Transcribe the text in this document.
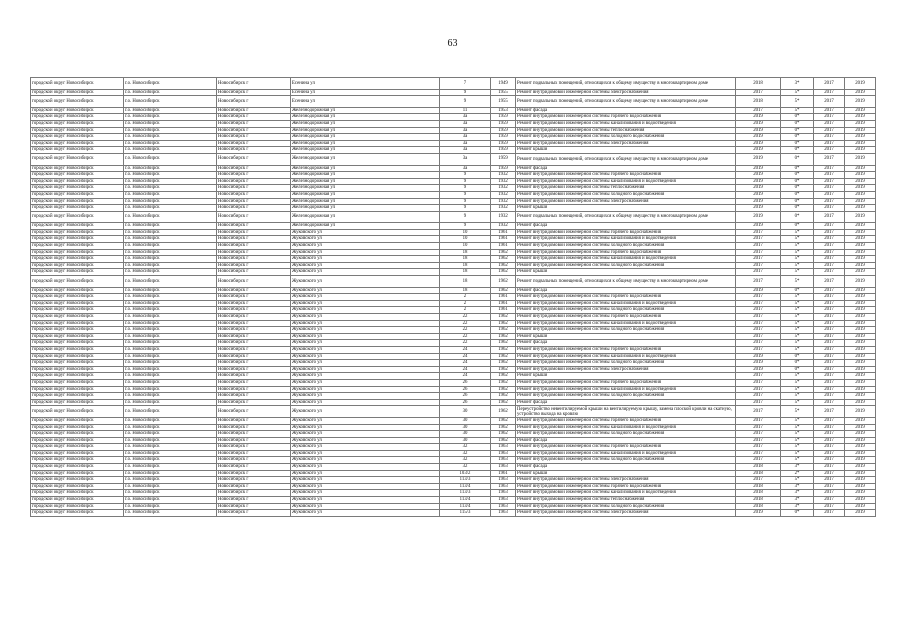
63
городской округ Новосибирск	г.о. Новосибирск	Новосибирск г	Есенина ул	7	1949	Ремонт подвальных помещений, относящихся к общему имуществу в многоквартирном доме	2018	3*	2017	2019
городской округ Новосибирск	г.о. Новосибирск	Новосибирск г	Есенина ул	9	1955	Ремонт внутридомовой инженерной системы электроснабжения	2017	5*	2017	2019
городской округ Новосибирск	г.о. Новосибирск	Новосибирск г	Есенина ул	9	1955	Ремонт подвальных помещений, относящихся к общему имуществу в многоквартирном доме	2018	5*	2017	2019
городской округ Новосибирск	г.о. Новосибирск	Новосибирск г	Железнодорожная ул	11	1953	Ремонт фасада	2017	5*	2017	2019
городской округ Новосибирск	г.о. Новосибирск	Новосибирск г	Железнодорожная ул	3а	1959	Ремонт внутридомовой инженерной системы горячего водоснабжения	2019	0*	2017	2019
городской округ Новосибирск	г.о. Новосибирск	Новосибирск г	Железнодорожная ул	3а	1959	Ремонт внутридомовой инженерной системы канализования и водоотведения	2019	0*	2017	2019
городской округ Новосибирск	г.о. Новосибирск	Новосибирск г	Железнодорожная ул	3а	1959	Ремонт внутридомовой инженерной системы теплоснабжения	2019	0*	2017	2019
городской округ Новосибирск	г.о. Новосибирск	Новосибирск г	Железнодорожная ул	3а	1959	Ремонт внутридомовой инженерной системы холодного водоснабжения	2019	0*	2017	2019
городской округ Новосибирск	г.о. Новосибирск	Новосибирск г	Железнодорожная ул	3а	1959	Ремонт внутридомовой инженерной системы электроснабжения	2019	0*	2017	2019
городской округ Новосибирск	г.о. Новосибирск	Новосибирск г	Железнодорожная ул	3а	1959	Ремонт крыши	2019	0*	2017	2019
городской округ Новосибирск	г.о. Новосибирск	Новосибирск г	Железнодорожная ул	3а	1959	Ремонт подвальных помещений, относящихся к общему имуществу в многоквартирном доме	2019	0*	2017	2019
городской округ Новосибирск	г.о. Новосибирск	Новосибирск г	Железнодорожная ул	3а	1959	Ремонт фасада	2019	0*	2017	2019
городской округ Новосибирск	г.о. Новосибирск	Новосибирск г	Железнодорожная ул	9	1932	Ремонт внутридомовой инженерной системы горячего водоснабжения	2019	0*	2017	2019
городской округ Новосибирск	г.о. Новосибирск	Новосибирск г	Железнодорожная ул	9	1932	Ремонт внутридомовой инженерной системы канализования и водоотведения	2019	0*	2017	2019
городской округ Новосибирск	г.о. Новосибирск	Новосибирск г	Железнодорожная ул	9	1932	Ремонт внутридомовой инженерной системы теплоснабжения	2019	0*	2017	2019
городской округ Новосибирск	г.о. Новосибирск	Новосибирск г	Железнодорожная ул	9	1932	Ремонт внутридомовой инженерной системы холодного водоснабжения	2019	0*	2017	2019
городской округ Новосибирск	г.о. Новосибирск	Новосибирск г	Железнодорожная ул	9	1932	Ремонт внутридомовой инженерной системы электроснабжения	2019	0*	2017	2019
городской округ Новосибирск	г.о. Новосибирск	Новосибирск г	Железнодорожная ул	9	1932	Ремонт крыши	2019	0*	2017	2019
городской округ Новосибирск	г.о. Новосибирск	Новосибирск г	Железнодорожная ул	9	1932	Ремонт подвальных помещений, относящихся к общему имуществу в многоквартирном доме	2019	0*	2017	2019
городской округ Новосибирск	г.о. Новосибирск	Новосибирск г	Железнодорожная ул	9	1932	Ремонт фасада	2019	0*	2017	2019
городской округ Новосибирск	г.о. Новосибирск	Новосибирск г	Жуковского ул	10	1961	Ремонт внутридомовой инженерной системы горячего водоснабжения	2017	5*	2017	2019
городской округ Новосибирск	г.о. Новосибирск	Новосибирск г	Жуковского ул	10	1961	Ремонт внутридомовой инженерной системы канализования и водоотведения	2017	5*	2017	2019
городской округ Новосибирск	г.о. Новосибирск	Новосибирск г	Жуковского ул	10	1961	Ремонт внутридомовой инженерной системы холодного водоснабжения	2017	5*	2017	2019
городской округ Новосибирск	г.о. Новосибирск	Новосибирск г	Жуковского ул	18	1962	Ремонт внутридомовой инженерной системы горячего водоснабжения	2017	5*	2017	2019
городской округ Новосибирск	г.о. Новосибирск	Новосибирск г	Жуковского ул	18	1962	Ремонт внутридомовой инженерной системы канализования и водоотведения	2017	5*	2017	2019
городской округ Новосибирск	г.о. Новосибирск	Новосибирск г	Жуковского ул	18	1962	Ремонт внутридомовой инженерной системы холодного водоснабжения	2017	5*	2017	2019
городской округ Новосибирск	г.о. Новосибирск	Новосибирск г	Жуковского ул	18	1962	Ремонт крыши	2017	5*	2017	2019
городской округ Новосибирск	г.о. Новосибирск	Новосибирск г	Жуковского ул	18	1962	Ремонт подвальных помещений, относящихся к общему имуществу в многоквартирном доме	2017	5*	2017	2019
городской округ Новосибирск	г.о. Новосибирск	Новосибирск г	Жуковского ул	18	1962	Ремонт фасада	2019	0*	2017	2019
городской округ Новосибирск	г.о. Новосибирск	Новосибирск г	Жуковского ул	2	1961	Ремонт внутридомовой инженерной системы горячего водоснабжения	2017	5*	2017	2019
городской округ Новосибирск	г.о. Новосибирск	Новосибирск г	Жуковского ул	2	1961	Ремонт внутридомовой инженерной системы канализования и водоотведения	2017	5*	2017	2019
городской округ Новосибирск	г.о. Новосибирск	Новосибирск г	Жуковского ул	2	1961	Ремонт внутридомовой инженерной системы холодного водоснабжения	2017	5*	2017	2019
городской округ Новосибирск	г.о. Новосибирск	Новосибирск г	Жуковского ул	22	1962	Ремонт внутридомовой инженерной системы горячего водоснабжения	2017	5*	2017	2019
городской округ Новосибирск	г.о. Новосибирск	Новосибирск г	Жуковского ул	22	1962	Ремонт внутридомовой инженерной системы канализования и водоотведения	2017	5*	2017	2019
городской округ Новосибирск	г.о. Новосибирск	Новосибирск г	Жуковского ул	22	1962	Ремонт внутридомовой инженерной системы холодного водоснабжения	2017	5*	2017	2019
городской округ Новосибирск	г.о. Новосибирск	Новосибирск г	Жуковского ул	22	1962	Ремонт крыши	2017	5*	2017	2019
городской округ Новосибирск	г.о. Новосибирск	Новосибирск г	Жуковского ул	22	1962	Ремонт фасада	2017	5*	2017	2019
городской округ Новосибирск	г.о. Новосибирск	Новосибирск г	Жуковского ул	24	1962	Ремонт внутридомовой инженерной системы горячего водоснабжения	2017	5*	2017	2019
городской округ Новосибирск	г.о. Новосибирск	Новосибирск г	Жуковского ул	24	1962	Ремонт внутридомовой инженерной системы канализования и водоотведения	2019	0*	2017	2019
городской округ Новосибирск	г.о. Новосибирск	Новосибирск г	Жуковского ул	24	1962	Ремонт внутридомовой инженерной системы холодного водоснабжения	2019	0*	2017	2019
городской округ Новосибирск	г.о. Новосибирск	Новосибирск г	Жуковского ул	24	1962	Ремонт внутридомовой инженерной системы электроснабжения	2019	0*	2017	2019
городской округ Новосибирск	г.о. Новосибирск	Новосибирск г	Жуковского ул	24	1962	Ремонт крыши	2017	5*	2017	2019
городской округ Новосибирск	г.о. Новосибирск	Новосибирск г	Жуковского ул	26	1962	Ремонт внутридомовой инженерной системы горячего водоснабжения	2017	5*	2017	2019
городской округ Новосибирск	г.о. Новосибирск	Новосибирск г	Жуковского ул	26	1962	Ремонт внутридомовой инженерной системы канализования и водоотведения	2017	5*	2017	2019
городской округ Новосибирск	г.о. Новосибирск	Новосибирск г	Жуковского ул	26	1962	Ремонт внутридомовой инженерной системы холодного водоснабжения	2017	5*	2017	2019
городской округ Новосибирск	г.о. Новосибирск	Новосибирск г	Жуковского ул	26	1962	Ремонт фасада	2017	5*	2017	2019
городской округ Новосибирск	г.о. Новосибирск	Новосибирск г	Жуковского ул	30	1962	Переустройство невентилируемой крыши на вентилируемую крышу, замена плоской кровли на скатную, устройство выхода на кровлю	2017	5*	2017	2019
городской округ Новосибирск	г.о. Новосибирск	Новосибирск г	Жуковского ул	30	1962	Ремонт внутридомовой инженерной системы горячего водоснабжения	2017	5*	2017	2019
городской округ Новосибирск	г.о. Новосибирск	Новосибирск г	Жуковского ул	30	1962	Ремонт внутридомовой инженерной системы канализования и водоотведения	2017	5*	2017	2019
городской округ Новосибирск	г.о. Новосибирск	Новосибирск г	Жуковского ул	30	1962	Ремонт внутридомовой инженерной системы холодного водоснабжения	2017	5*	2017	2019
городской округ Новосибирск	г.о. Новосибирск	Новосибирск г	Жуковского ул	30	1962	Ремонт фасада	2017	5*	2017	2019
городской округ Новосибирск	г.о. Новосибирск	Новосибирск г	Жуковского ул	32	1963	Ремонт внутридомовой инженерной системы горячего водоснабжения	2017	5*	2017	2019
городской округ Новосибирск	г.о. Новосибирск	Новосибирск г	Жуковского ул	32	1963	Ремонт внутридомовой инженерной системы канализования и водоотведения	2017	5*	2017	2019
городской округ Новосибирск	г.о. Новосибирск	Новосибирск г	Жуковского ул	32	1963	Ремонт внутридомовой инженерной системы холодного водоснабжения	2017	5*	2017	2019
городской округ Новосибирск	г.о. Новосибирск	Новосибирск г	Жуковского ул	32	1963	Ремонт фасада	2018	3*	2017	2019
городской округ Новосибирск	г.о. Новосибирск	Новосибирск г	Жуковского ул	103/2	1961	Ремонт крыши	2018	2*	2017	2019
городской округ Новосибирск	г.о. Новосибирск	Новосибирск г	Жуковского ул	113/3	1963	Ремонт внутридомовой инженерной системы электроснабжения	2017	5*	2017	2019
городской округ Новосибирск	г.о. Новосибирск	Новосибирск г	Жуковского ул	113/4	1963	Ремонт внутридомовой инженерной системы горячего водоснабжения	2018	3*	2017	2019
городской округ Новосибирск	г.о. Новосибирск	Новосибирск г	Жуковского ул	113/3	1963	Ремонт внутридомовой инженерной системы канализования и водоотведения	2018	3*	2017	2019
городской округ Новосибирск	г.о. Новосибирск	Новосибирск г	Жуковского ул	113/4	1963	Ремонт внутридомовой инженерной системы теплоснабжения	2018	3*	2017	2019
городской округ Новосибирск	г.о. Новосибирск	Новосибирск г	Жуковского ул	113/4	1963	Ремонт внутридомовой инженерной системы холодного водоснабжения	2018	3*	2017	2019
городской округ Новосибирск	г.о. Новосибирск	Новосибирск г	Жуковского ул	115/3	1963	Ремонт внутридомовой инженерной системы электроснабжения	2019	0*	2017	2019
